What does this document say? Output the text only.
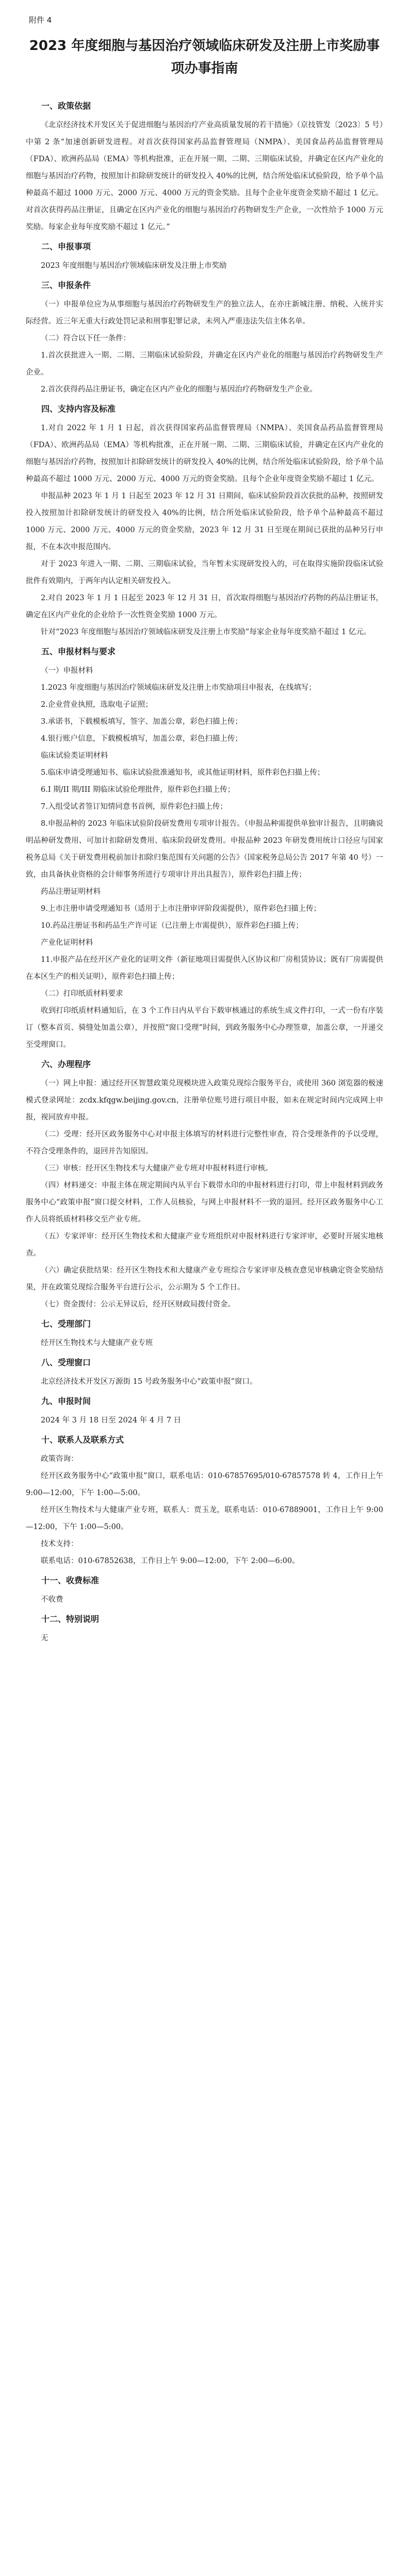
附件 4
2023 年度细胞与基因治疗领域临床研发及注册上市奖励事项办事指南
一、政策依据

《北京经济技术开发区关于促进细胞与基因治疗产业高质量发展的若干措施》（京技管发〔2023〕5 号）中第 2 条“加速创新研发进程。对首次获得国家药品监督管理局（NMPA）、美国食品药品监督管理局（FDA）、欧洲药品局（EMA）等机构批准，正在开展一期、二期、三期临床试验，并确定在区内产业化的细胞与基因治疗药物，按照加计扣除研发统计的研发投入 40%的比例，结合所处临床试验阶段，给予单个品种最高不超过 1000 万元、2000 万元、4000 万元的资金奖励。且每个企业年度资金奖励不超过 1 亿元。对首次获得药品注册证，且确定在区内产业化的细胞与基因治疗药物研发生产企业，一次性给予 1000 万元奖励。每家企业每年度奖励不超过 1 亿元。”

二、申报事项

2023 年度细胞与基因治疗领域临床研发及注册上市奖励

三、申报条件

（一）申报单位应为从事细胞与基因治疗药物研发生产的独立法人，在亦庄新城注册、纳税、入统并实际经营。近三年无重大行政处罚记录和刑事犯罪记录，未列入严重违法失信主体名单。

（二）符合以下任一条件：

1.首次获批进入一期、二期、三期临床试验阶段，并确定在区内产业化的细胞与基因治疗药物研发生产企业。

2.首次获得药品注册证书，确定在区内产业化的细胞与基因治疗药物研发生产企业。

四、支持内容及标准

1.对自 2022 年 1 月 1 日起，首次获得国家药品监督管理局（NMPA）、美国食品药品监督管理局（FDA）、欧洲药品局（EMA）等机构批准，正在开展一期、二期、三期临床试验，并确定在区内产业化的细胞与基因治疗药物，按照加计扣除研发统计的研发投入 40%的比例，结合所处临床试验阶段，给予单个品种最高不超过 1000 万元、2000 万元、4000 万元的资金奖励。且每个企业年度资金奖励不超过 1 亿元。

申报品种 2023 年 1 月 1 日起至 2023 年 12 月 31 日期间，临床试验阶段首次获批的品种，按照研发投入按照加计扣除研发统计的研发投入 40%的比例，结合所处临床试验阶段，给予单个品种最高不超过 1000 万元、2000 万元、4000 万元的资金奖励，2023 年 12 月 31 日至现在期间已获批的品种另行申报，不在本次申报范围内。

对于 2023 年进入一期、二期、三期临床试验，当年暂未实现研发投入的，可在取得实施阶段临床试验批件有效期内，于两年内认定相关研发投入。

2.对自 2023 年 1 月 1 日起至 2023 年 12 月 31 日，首次取得细胞与基因治疗药物的药品注册证书，确定在区内产业化的企业给予一次性资金奖励 1000 万元。

针对“2023 年度细胞与基因治疗领域临床研发及注册上市奖励”每家企业每年度奖励不超过 1 亿元。

五、申报材料与要求

（一）申报材料

1.2023 年度细胞与基因治疗领域临床研发及注册上市奖励项目申报表，在线填写；

2.企业营业执照，选取电子证照；

3.承诺书，下载模板填写，签字、加盖公章，彩色扫描上传；

4.银行账户信息，下载模板填写，加盖公章，彩色扫描上传；

临床试验类证明材料

5.临床申请受理通知书、临床试验批准通知书，或其他证明材料，原件彩色扫描上传；

6.I 期/II 期/III 期临床试验伦理批件，原件彩色扫描上传；

7.入组受试者签订知情同意书首例，原件彩色扫描上传；

8.申报品种的 2023 年临床试验阶段研发费用专项审计报告。（申报品种需提供单独审计报告，且明确说明品种研发费用、可加计扣除研发费用、临床阶段研发费用。申报品种 2023 年研发费用统计口径应与国家税务总局《关于研发费用税前加计扣除归集范围有关问题的公告》（国家税务总局公告 2017 年第 40 号）一致，由具备执业资格的会计师事务所进行专项审计并出具报告），原件彩色扫描上传；

药品注册证明材料

9.上市注册申请受理通知书（适用于上市注册审评阶段需提供），原件彩色扫描上传；

10.药品注册证书和药品生产许可证（已注册上市需提供），原件彩色扫描上传；

产业化证明材料

11.申报产品在经开区产业化的证明文件（新征地项目需提供入区协议和厂房租赁协议；既有厂房需提供在本区生产的相关证明），原件彩色扫描上传；

（二）打印纸质材料要求

收到打印纸质材料通知后，在 3 个工作日内从平台下载审核通过的系统生成文件打印，一式一份有序装订（整本首页、骑缝处加盖公章），并按照“窗口受理”时间，到政务服务中心办理签章，加盖公章，一并递交至受理窗口。

六、办理程序

（一）网上申报：通过经开区智慧政策兑现模块进入政策兑现综合服务平台，或使用 360 浏览器的极速模式登录网址：zcdx.kfqgw.beijing.gov.cn，注册单位账号进行项目申报，如未在规定时间内完成网上申报，视同放弃申报。

（二）受理：经开区政务服务中心对申报主体填写的材料进行完整性审查，符合受理条件的予以受理，不符合受理条件的，退回并告知原因。

（三）审核：经开区生物技术与大健康产业专班对申报材料进行审核。

（四）材料递交：申报主体在规定期间内从平台下载带水印的申报材料进行打印，带上申报材料到政务服务中心“政策申报”窗口提交材料，工作人员核验，与网上申报材料不一致的退回。经开区政务服务中心工作人员将纸质材料移交至产业专班。

（五）专家评审：经开区生物技术和大健康产业专班组织对申报材料进行专家评审，必要时开展实地核查。

（六）确定获批结果：经开区生物技术和大健康产业专班综合专家评审及核查意见审核确定资金奖励结果，并在政策兑现综合服务平台进行公示，公示期为 5 个工作日。

（七）资金拨付：公示无异议后，经开区财政局拨付资金。

七、受理部门

经开区生物技术与大健康产业专班

八、受理窗口

北京经济技术开发区万源街 15 号政务服务中心“政策申报”窗口。

九、申报时间

2024 年 3 月 18 日至 2024 年 4 月 7 日

十、联系人及联系方式

政策咨询：

经开区政务服务中心“政策申报”窗口，联系电话：010-67857695/010-67857578 转 4，工作日上午 9:00—12:00，下午 1:00—5:00。

经开区生物技术与大健康产业专班，联系人：贾玉龙，联系电话：010-67889001，工作日上午 9:00—12:00，下午 1:00—5:00。

技术支持：

联系电话：010-67852638，工作日上午 9:00—12:00，下午 2:00—6:00。

十一、收费标准

不收费

十二、特别说明

无
